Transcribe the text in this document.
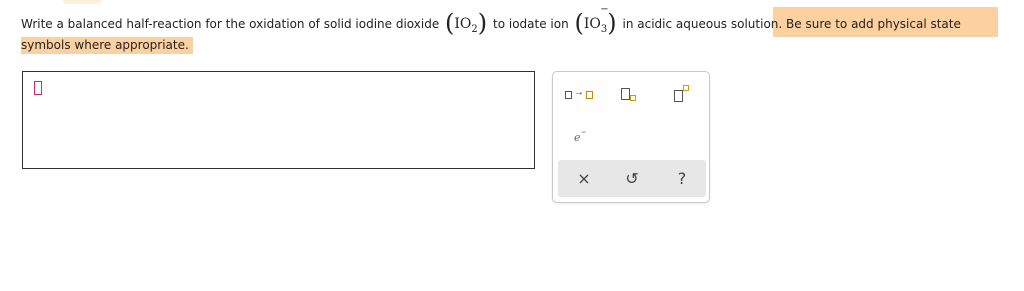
Write a balanced half-reaction for the oxidation of solid iodine dioxide $(IO_2)$ to iodate ion ($IO_3$
−
) in acidic aqueous solution. Be sure to add physical state
symbols where appropriate.
→
e −
×	↺	?
